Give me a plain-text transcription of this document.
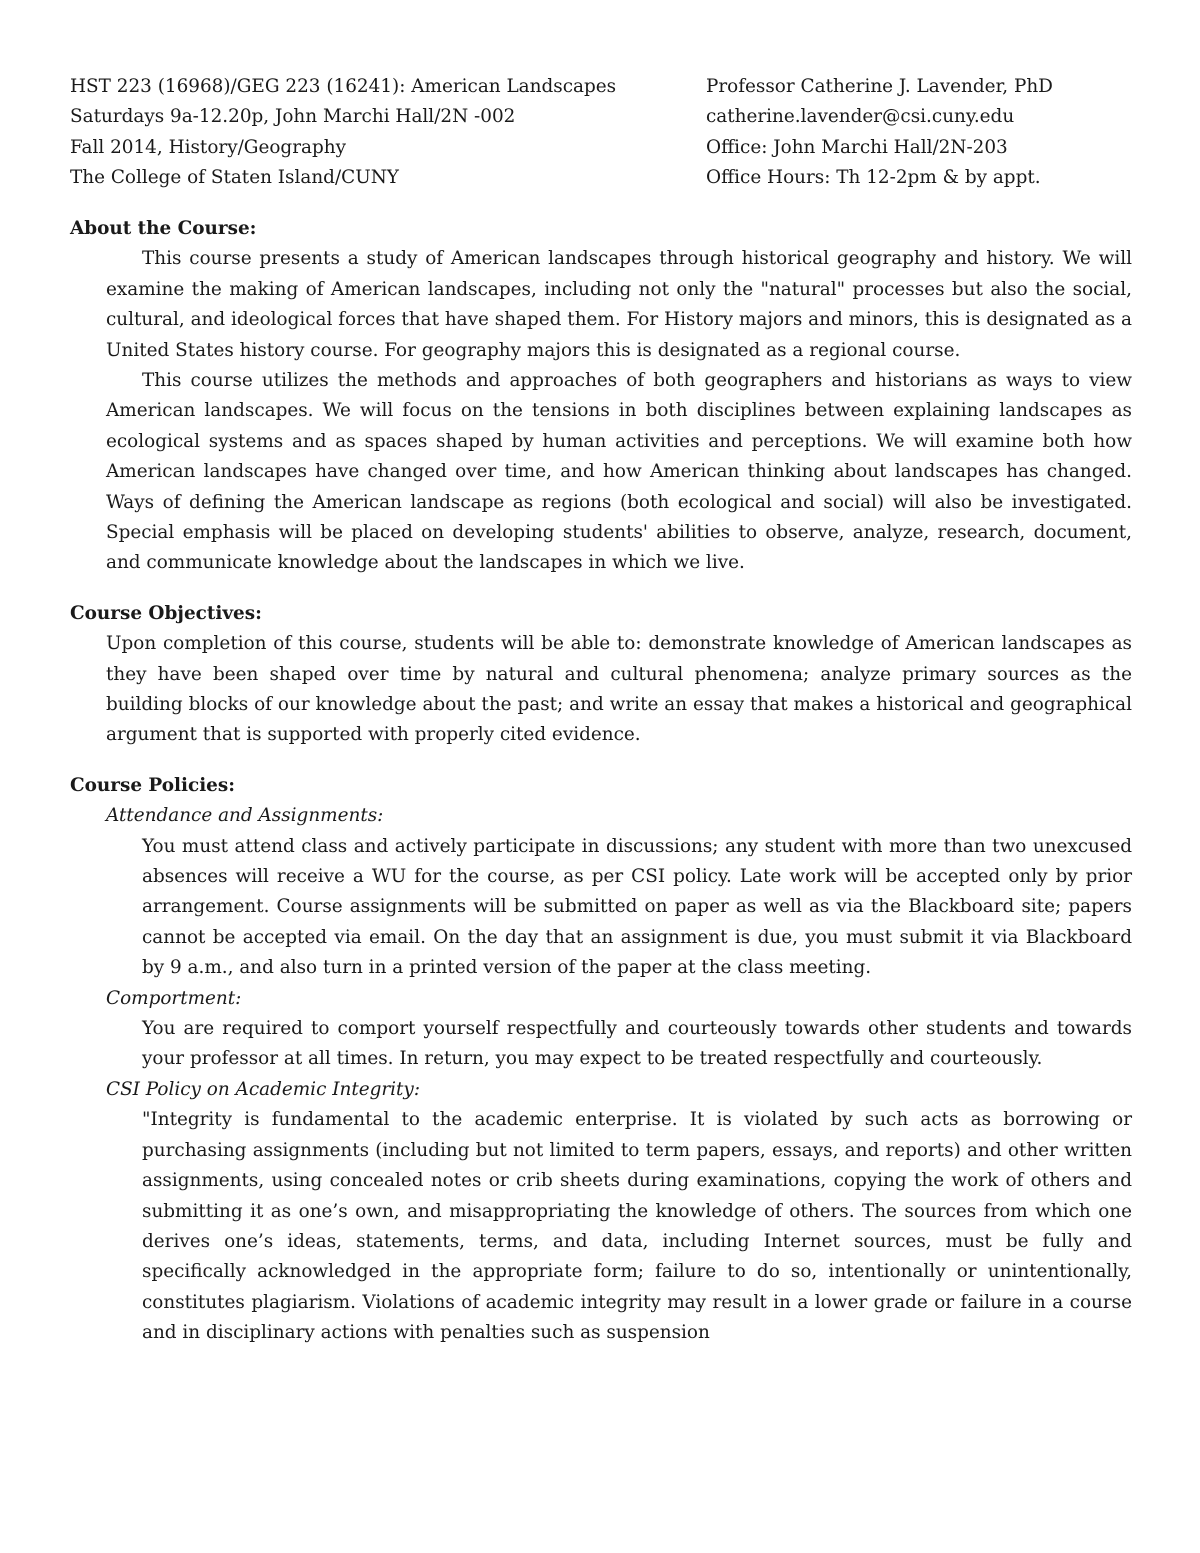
HST 223 (16968)/GEG 223 (16241): American Landscapes
Saturdays 9a-12.20p, John Marchi Hall/2N -002
Fall 2014, History/Geography
The College of Staten Island/CUNY
Professor Catherine J. Lavender, PhD
catherine.lavender@csi.cuny.edu
Office: John Marchi Hall/2N-203
Office Hours: Th 12-2pm & by appt.
About the Course:

This course presents a study of American landscapes through historical geography and history. We will examine the making of American landscapes, including not only the "natural" processes but also the social, cultural, and ideological forces that have shaped them. For History majors and minors, this is designated as a United States history course. For geography majors this is designated as a regional course.

This course utilizes the methods and approaches of both geographers and historians as ways to view American landscapes. We will focus on the tensions in both disciplines between explaining landscapes as ecological systems and as spaces shaped by human activities and perceptions. We will examine both how American landscapes have changed over time, and how American thinking about landscapes has changed. Ways of defining the American landscape as regions (both ecological and social) will also be investigated. Special emphasis will be placed on developing students' abilities to observe, analyze, research, document, and communicate knowledge about the landscapes in which we live.

Course Objectives:

Upon completion of this course, students will be able to: demonstrate knowledge of American landscapes as they have been shaped over time by natural and cultural phenomena; analyze primary sources as the building blocks of our knowledge about the past; and write an essay that makes a historical and geographical argument that is supported with properly cited evidence.

Course Policies:
Attendance and Assignments:

You must attend class and actively participate in discussions; any student with more than two unexcused absences will receive a WU for the course, as per CSI policy. Late work will be accepted only by prior arrangement. Course assignments will be submitted on paper as well as via the Blackboard site; papers cannot be accepted via email. On the day that an assignment is due, you must submit it via Blackboard by 9 a.m., and also turn in a printed version of the paper at the class meeting.

Comportment:

You are required to comport yourself respectfully and courteously towards other students and towards your professor at all times. In return, you may expect to be treated respectfully and courteously.

CSI Policy on Academic Integrity:

"Integrity is fundamental to the academic enterprise. It is violated by such acts as borrowing or purchasing assignments (including but not limited to term papers, essays, and reports) and other written assignments, using concealed notes or crib sheets during examinations, copying the work of others and submitting it as one’s own, and misappropriating the knowledge of others. The sources from which one derives one’s ideas, statements, terms, and data, including Internet sources, must be fully and specifically acknowledged in the appropriate form; failure to do so, intentionally or unintentionally, constitutes plagiarism. Violations of academic integrity may result in a lower grade or failure in a course and in disciplinary actions with penalties such as suspension
